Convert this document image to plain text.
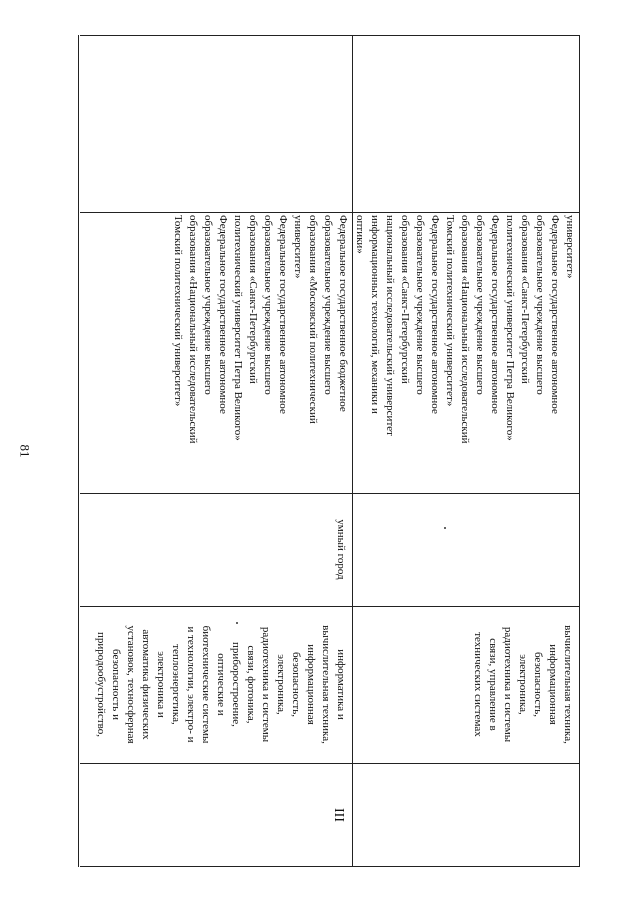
81
университет»
Федеральное государственное автономное
образовательное учреждение высшего
образования «Санкт-Петербургский
политехнический университет Петра Великого»
Федеральное государственное автономное
образовательное учреждение высшего
образования «Национальный исследовательский
Томский политехнический университет»
Федеральное государственное автономное
образовательное учреждение высшего
образования «Санкт-Петербургский
национальный исследовательский университет
информационных технологий, механики и
оптики»
вычислительная техника,
информационная
безопасность,
электроника,
радиотехника и системы
связи, управление в
технических системах
Федеральное государственное бюджетное
образовательное учреждение высшего
образования «Московский политехнический
университет»
Федеральное государственное автономное
образовательное учреждение высшего
образования «Санкт-Петербургский
политехнический университет Петра Великого»
Федеральное государственное автономное
образовательное учреждение высшего
образования «Национальный исследовательский
Томский политехнический университет»
умный город
информатика и
вычислительная техника,
информационная
безопасность,
электроника,
радиотехника и системы
связи, фотоника,
приборостроение,
оптические и
биотехнические системы
и технологии, электро- и
теплоэнергетика,
электроника и
автоматика физических
установок, техносферная
безопасность и
природообустройство,
III
